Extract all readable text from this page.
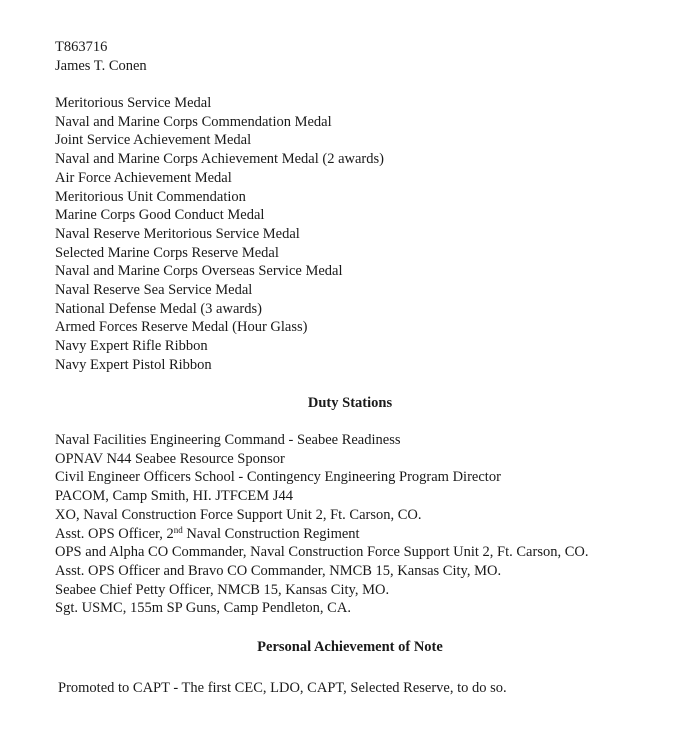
T863716
James T. Conen
Meritorious Service Medal
Naval and Marine Corps Commendation Medal
Joint Service Achievement Medal
Naval and Marine Corps Achievement Medal (2 awards)
Air Force Achievement Medal
Meritorious Unit Commendation
Marine Corps Good Conduct Medal
Naval Reserve Meritorious Service Medal
Selected Marine Corps Reserve Medal
Naval and Marine Corps Overseas Service Medal
Naval Reserve Sea Service Medal
National Defense Medal (3 awards)
Armed Forces Reserve Medal (Hour Glass)
Navy Expert Rifle Ribbon
Navy Expert Pistol Ribbon
Duty Stations
Naval Facilities Engineering Command - Seabee Readiness
OPNAV N44 Seabee Resource Sponsor
Civil Engineer Officers School - Contingency Engineering Program Director
PACOM, Camp Smith, HI. JTFCEM J44
XO, Naval Construction Force Support Unit 2, Ft. Carson, CO.
Asst. OPS Officer, 2nd Naval Construction Regiment
OPS and Alpha CO Commander, Naval Construction Force Support Unit 2, Ft. Carson, CO.
Asst. OPS Officer and Bravo CO Commander, NMCB 15, Kansas City, MO.
Seabee Chief Petty Officer, NMCB 15, Kansas City, MO.
Sgt. USMC, 155m SP Guns, Camp Pendleton, CA.
Personal Achievement of Note
Promoted to CAPT - The first CEC, LDO, CAPT, Selected Reserve, to do so.
